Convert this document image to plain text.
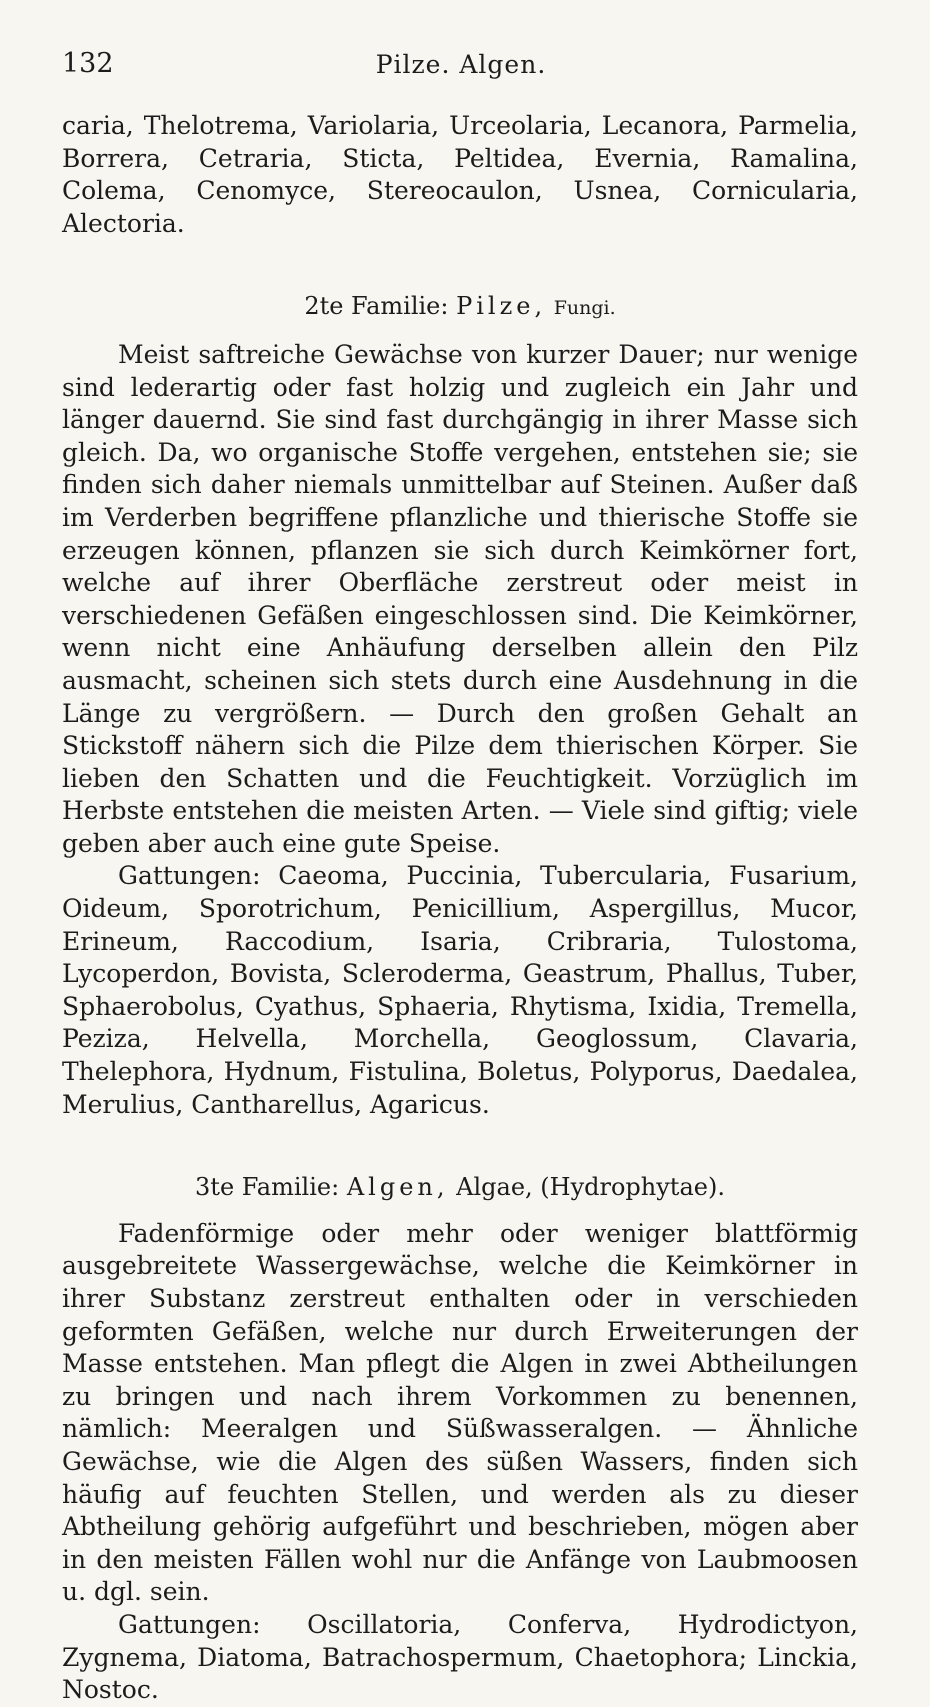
132	Pilze. Algen.

caria, Thelotrema, Variolaria, Urceolaria, Lecanora, Parmelia, Borrera, Cetraria, Sticta, Peltidea, Evernia, Ramalina, Colema, Cenomyce, Stereocaulon, Usnea, Cornicularia, Alectoria.

2te Familie: Pilze, Fungi.

Meist saftreiche Gewächse von kurzer Dauer; nur wenige sind lederartig oder fast holzig und zugleich ein Jahr und länger dauernd. Sie sind fast durchgängig in ihrer Masse sich gleich. Da, wo organische Stoffe vergehen, entstehen sie; sie finden sich daher niemals unmittelbar auf Steinen. Außer daß im Verderben begriffene pflanzliche und thierische Stoffe sie erzeugen können, pflanzen sie sich durch Keimkörner fort, welche auf ihrer Oberfläche zerstreut oder meist in verschiedenen Gefäßen eingeschlossen sind. Die Keimkörner, wenn nicht eine Anhäufung derselben allein den Pilz ausmacht, scheinen sich stets durch eine Ausdehnung in die Länge zu vergrößern. — Durch den großen Gehalt an Stickstoff nähern sich die Pilze dem thierischen Körper. Sie lieben den Schatten und die Feuchtigkeit. Vorzüglich im Herbste entstehen die meisten Arten. — Viele sind giftig; viele geben aber auch eine gute Speise.

Gattungen: Caeoma, Puccinia, Tubercularia, Fusarium, Oideum, Sporotrichum, Penicillium, Aspergillus, Mucor, Erineum, Raccodium, Isaria, Cribraria, Tulostoma, Lycoperdon, Bovista, Scleroderma, Geastrum, Phallus, Tuber, Sphaerobolus, Cyathus, Sphaeria, Rhytisma, Ixidia, Tremella, Peziza, Helvella, Morchella, Geoglossum, Clavaria, Thelephora, Hydnum, Fistulina, Boletus, Polyporus, Daedalea, Merulius, Cantharellus, Agaricus.

3te Familie: Algen, Algae, (Hydrophytae).

Fadenförmige oder mehr oder weniger blattförmig ausgebreitete Wassergewächse, welche die Keimkörner in ihrer Substanz zerstreut enthalten oder in verschieden geformten Gefäßen, welche nur durch Erweiterungen der Masse entstehen. Man pflegt die Algen in zwei Abtheilungen zu bringen und nach ihrem Vorkommen zu benennen, nämlich: Meeralgen und Süßwasseralgen. — Ähnliche Gewächse, wie die Algen des süßen Wassers, finden sich häufig auf feuchten Stellen, und werden als zu dieser Abtheilung gehörig aufgeführt und beschrieben, mögen aber in den meisten Fällen wohl nur die Anfänge von Laubmoosen u. dgl. sein.

Gattungen: Oscillatoria, Conferva, Hydrodictyon, Zygnema, Diatoma, Batrachospermum, Chaetophora; Linckia, Nostoc.
